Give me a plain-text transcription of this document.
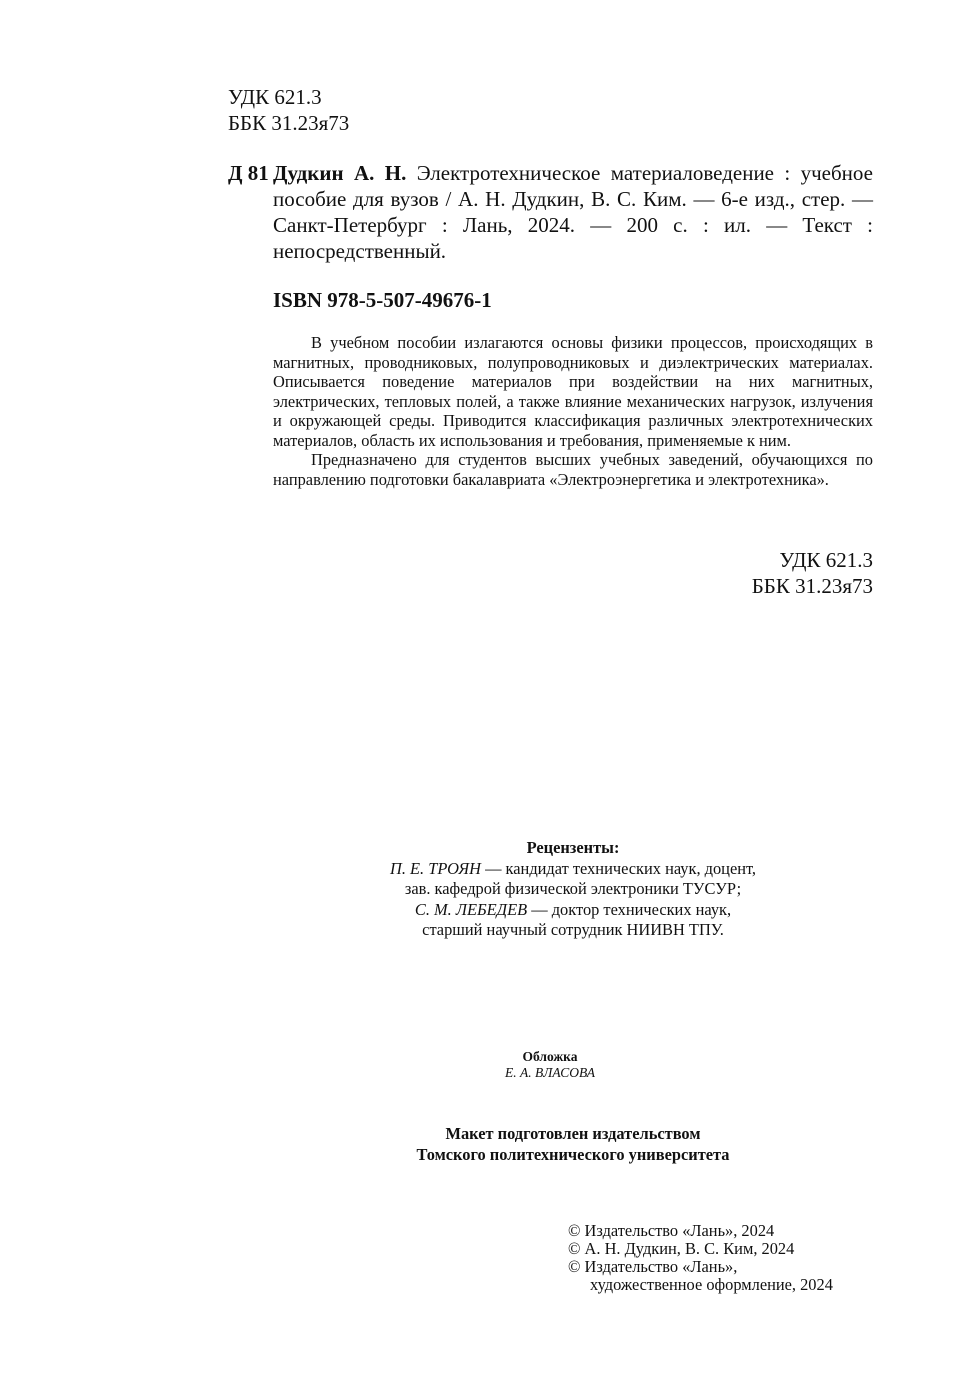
УДК 621.3
ББК 31.23я73
Д 81 Дудкин А. Н. Электротехническое материаловедение : учебное пособие для вузов / А. Н. Дудкин, В. С. Ким. — 6-е изд., стер. — Санкт-Петербург : Лань, 2024. — 200 с. : ил. — Текст : непосредственный.
ISBN 978-5-507-49676-1

В учебном пособии излагаются основы физики процессов, происходящих в магнитных, проводниковых, полупроводниковых и диэлектрических материалах. Описывается поведение материалов при воздействии на них магнитных, электрических, тепловых полей, а также влияние механических нагрузок, излучения и окружающей среды. Приводится классификация различных электротехнических материалов, область их использования и требования, применяемые к ним.

Предназначено для студентов высших учебных заведений, обучающихся по направлению подготовки бакалавриата «Электроэнергетика и электротехника».

УДК 621.3
ББК 31.23я73
Рецензенты:
П. Е. ТРОЯН — кандидат технических наук, доцент,
зав. кафедрой физической электроники ТУСУР;
С. М. ЛЕБЕДЕВ — доктор технических наук,
старший научный сотрудник НИИВН ТПУ.
Обложка
Е. А. ВЛАСОВА
Макет подготовлен издательством
Томского политехнического университета
© Издательство «Лань», 2024
© А. Н. Дудкин, В. С. Ким, 2024
© Издательство «Лань»,
художественное оформление, 2024
